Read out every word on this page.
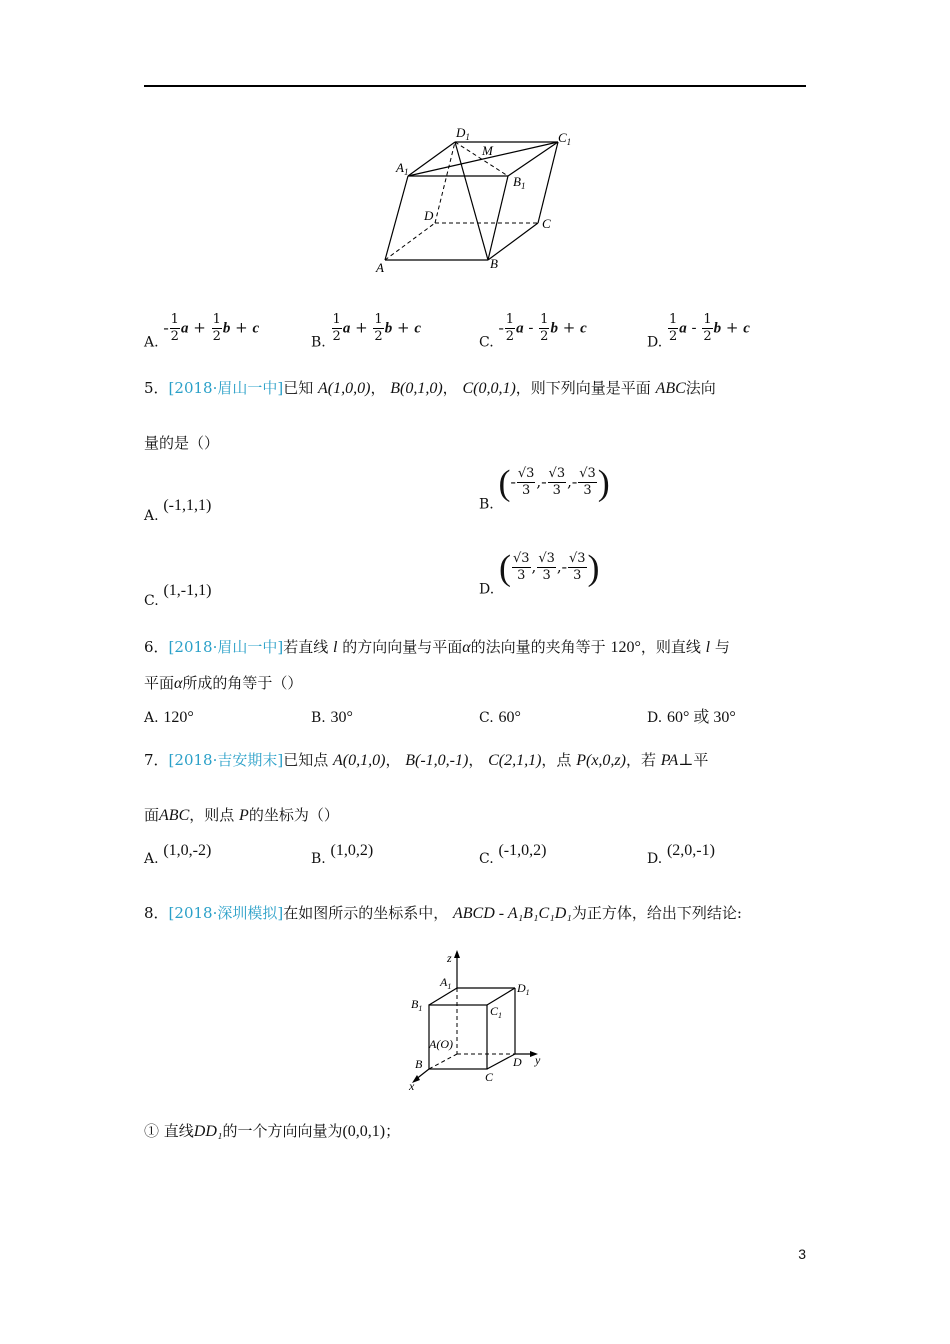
$D_1$	$C_1$
$A_1$
M
$B_1$
D
C
A	B
A. - $\frac{1}{2}$ $a + \frac{1}{2}$ b + c
B. $\frac{1}{2}$ $a + \frac{1}{2}$ b + c
C. - $\frac{1}{2}$ a - $\frac{1}{2}$ b + c
D. $\frac{1}{2}$ a - $\frac{1}{2}$ b + c
5．[2018·眉山一中]已知 A(1,0,0)， B(0,1,0)， C(0,0,1)，则下列向量是平面 ABC法向
量的是（）
A. (-1,1,1)	B. (- $\frac{√3}{3}$ ,- $\frac{√3}{3}$ ,- $\frac{√3}{3}$ )
C. (1,-1,1)	D. ( $\frac{√3}{3}$ , $\frac{√3}{3}$ ,- $\frac{√3}{3}$ )
6．[2018·眉山一中]若直线 l 的方向向量与平面α的法向量的夹角等于 120°，则直线 l 与
平面α所成的角等于（）
A. 120°	B. 30°	C. 60°	D. 60° 或 30°
7．[2018·吉安期末]已知点 A(0,1,0)， B(-1,0,-1)， C(2,1,1)，点 P(x,0,z)，若 PA⊥平
面ABC，则点 P的坐标为（）
A. (1,0,-2)	B. (1,0,2)	C. (-1,0,2)	D. (2,0,-1)
8．[2018·深圳模拟]在如图所示的坐标系中， ABCD - A₁B₁C₁D₁为正方体，给出下列结论:
z
$A_1$	$D_1$
$B_1$	$C_1$
A(O)
B
C
D y
x
① 直线DD₁的一个方向向量为(0,0,1)；
3
